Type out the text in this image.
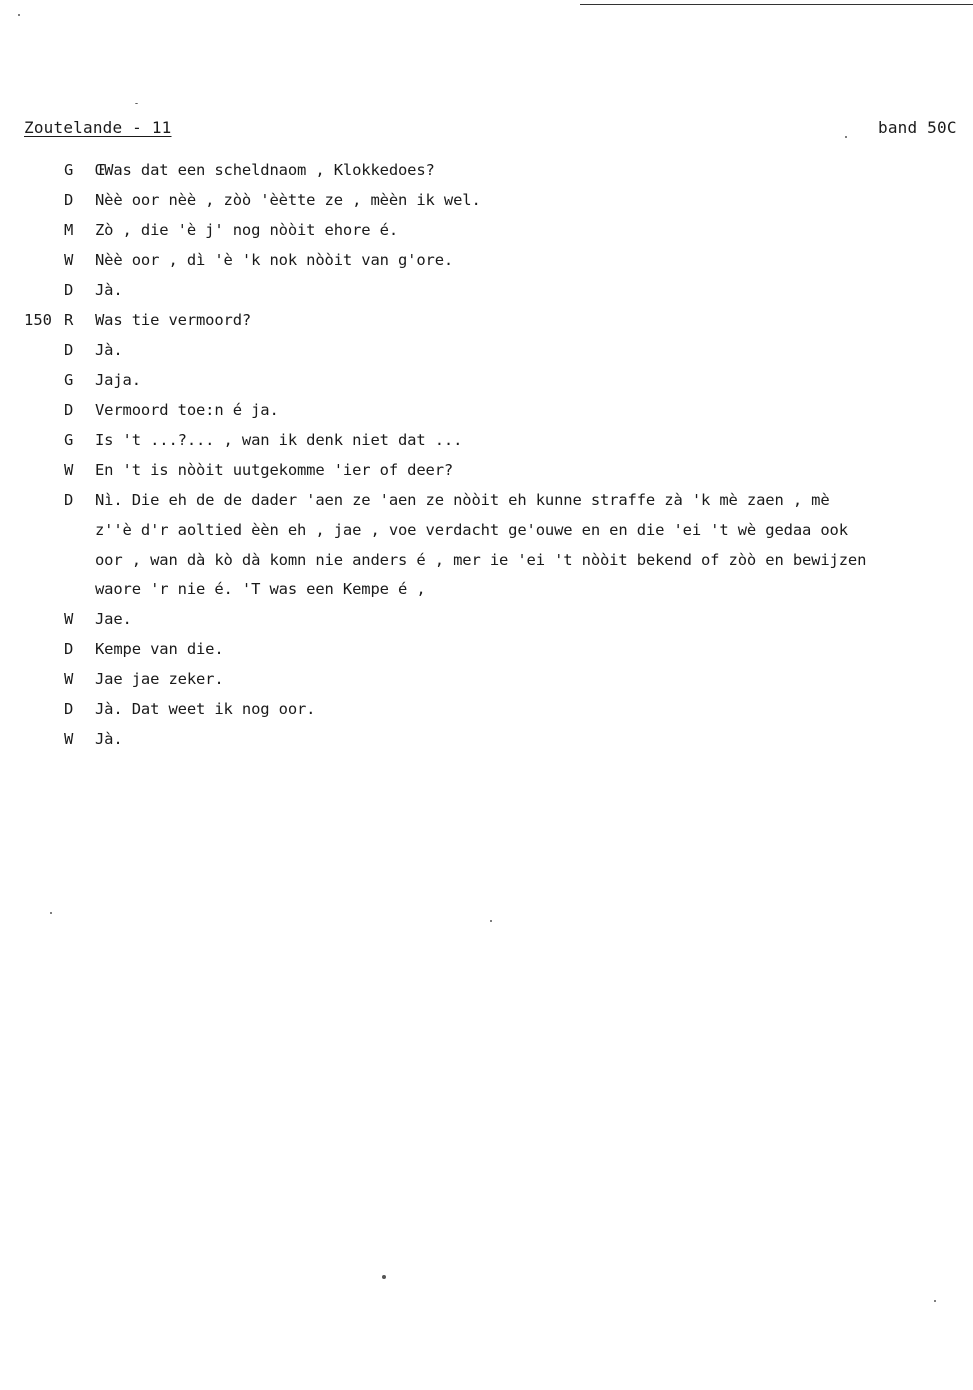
Zoutelande - 11	band 50C
G	ŒWas dat een scheldnaom , Klokkedoes?
D	Nèè oor nèè , zòò 'èètte ze , mèèn ik wel.
M	Zò , die 'è j' nog nòòit ehore é.
W	Nèè oor , dì 'è 'k nok nòòit van g'ore.
D	Jà.
150 R	Was tie vermoord?
D	Jà.
G	Jaja.
D	Vermoord toe:n é ja.
G	Is 't ...?... , wan ik denk niet dat ...
W	En 't is nòòit uutgekomme 'ier of deer?
D	Nì. Die eh de de dader 'aen ze 'aen ze nòòit eh kunne straffe zà 'k mè zaen , mè
z''è d'r aoltied èèn eh , jae , voe verdacht ge'ouwe en en die 'ei 't wè gedaa ook
oor , wan dà kò dà komn nie anders é , mer ie 'ei 't nòòit bekend of zòò en bewijzen
waore 'r nie é. 'T was een Kempe é ,
W	Jae.
D	Kempe van die.
W	Jae jae zeker.
D	Jà. Dat weet ik nog oor.
W	Jà.
